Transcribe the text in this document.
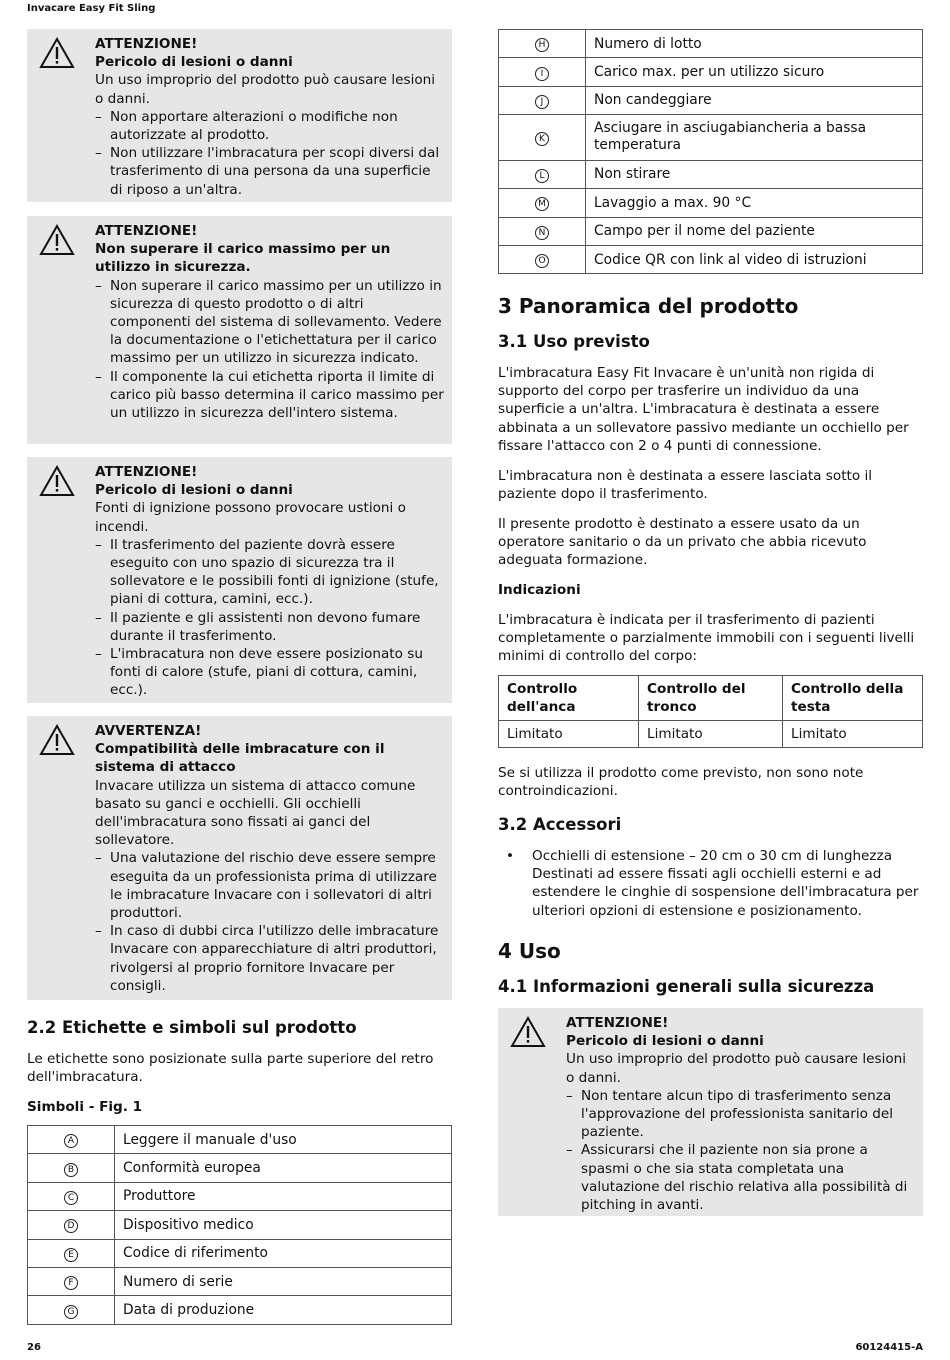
Invacare Easy Fit Sling
26	60124415-A

ATTENZIONE!

Pericolo di lesioni o danni

Un uso improprio del prodotto può causare lesioni o danni.

– Non apportare alterazioni o modifiche non autorizzate al prodotto.
– Non utilizzare l'imbracatura per scopi diversi dal trasferimento di una persona da una superficie di riposo a un'altra.

ATTENZIONE!

Non superare il carico massimo per un utilizzo in sicurezza.

– Non superare il carico massimo per un utilizzo in sicurezza di questo prodotto o di altri componenti del sistema di sollevamento. Vedere la documentazione o l'etichettatura per il carico massimo per un utilizzo in sicurezza indicato.
– Il componente la cui etichetta riporta il limite di carico più basso determina il carico massimo per un utilizzo in sicurezza dell'intero sistema.

ATTENZIONE!

Pericolo di lesioni o danni

Fonti di ignizione possono provocare ustioni o incendi.

– Il trasferimento del paziente dovrà essere eseguito con uno spazio di sicurezza tra il sollevatore e le possibili fonti di ignizione (stufe, piani di cottura, camini, ecc.).
– Il paziente e gli assistenti non devono fumare durante il trasferimento.
– L'imbracatura non deve essere posizionato su fonti di calore (stufe, piani di cottura, camini, ecc.).

AVVERTENZA!

Compatibilità delle imbracature con il sistema di attacco

Invacare utilizza un sistema di attacco comune basato su ganci e occhielli. Gli occhielli dell'imbracatura sono fissati ai ganci del sollevatore.

– Una valutazione del rischio deve essere sempre eseguita da un professionista prima di utilizzare le imbracature Invacare con i sollevatori di altri produttori.
– In caso di dubbi circa l'utilizzo delle imbracature Invacare con apparecchiature di altri produttori, rivolgersi al proprio fornitore Invacare per consigli.
2.2 Etichette e simboli sul prodotto
Le etichette sono posizionate sulla parte superiore del retro dell'imbracatura.
Simboli - Fig. 1
A	Leggere il manuale d'uso
B	Conformità europea
C	Produttore
D	Dispositivo medico
E	Codice di riferimento
F	Numero di serie
G	Data di produzione
H	Numero di lotto
I	Carico max. per un utilizzo sicuro
J	Non candeggiare
K	Asciugare in asciugabiancheria a bassa temperatura
L	Non stirare
M	Lavaggio a max. 90 °C
N	Campo per il nome del paziente
O	Codice QR con link al video di istruzioni
3 Panoramica del prodotto
3.1 Uso previsto
L'imbracatura Easy Fit Invacare è un'unità non rigida di supporto del corpo per trasferire un individuo da una superficie a un'altra. L'imbracatura è destinata a essere abbinata a un sollevatore passivo mediante un occhiello per fissare l'attacco con 2 o 4 punti di connessione.
L'imbracatura non è destinata a essere lasciata sotto il paziente dopo il trasferimento.
Il presente prodotto è destinato a essere usato da un operatore sanitario o da un privato che abbia ricevuto adeguata formazione.
Indicazioni
L'imbracatura è indicata per il trasferimento di pazienti completamente o parzialmente immobili con i seguenti livelli minimi di controllo del corpo:
Controllo dell'anca	Controllo del tronco	Controllo della testa
Limitato	Limitato	Limitato
Se si utilizza il prodotto come previsto, non sono note controindicazioni.
3.2 Accessori
• Occhielli di estensione – 20 cm o 30 cm di lunghezza Destinati ad essere fissati agli occhielli esterni e ad estendere le cinghie di sospensione dell'imbracatura per ulteriori opzioni di estensione e posizionamento.
4 Uso
4.1 Informazioni generali sulla sicurezza

ATTENZIONE!

Pericolo di lesioni o danni

Un uso improprio del prodotto può causare lesioni o danni.

– Non tentare alcun tipo di trasferimento senza l'approvazione del professionista sanitario del paziente.
– Assicurarsi che il paziente non sia prone a spasmi o che sia stata completata una valutazione del rischio relativa alla possibilità di pitching in avanti.
